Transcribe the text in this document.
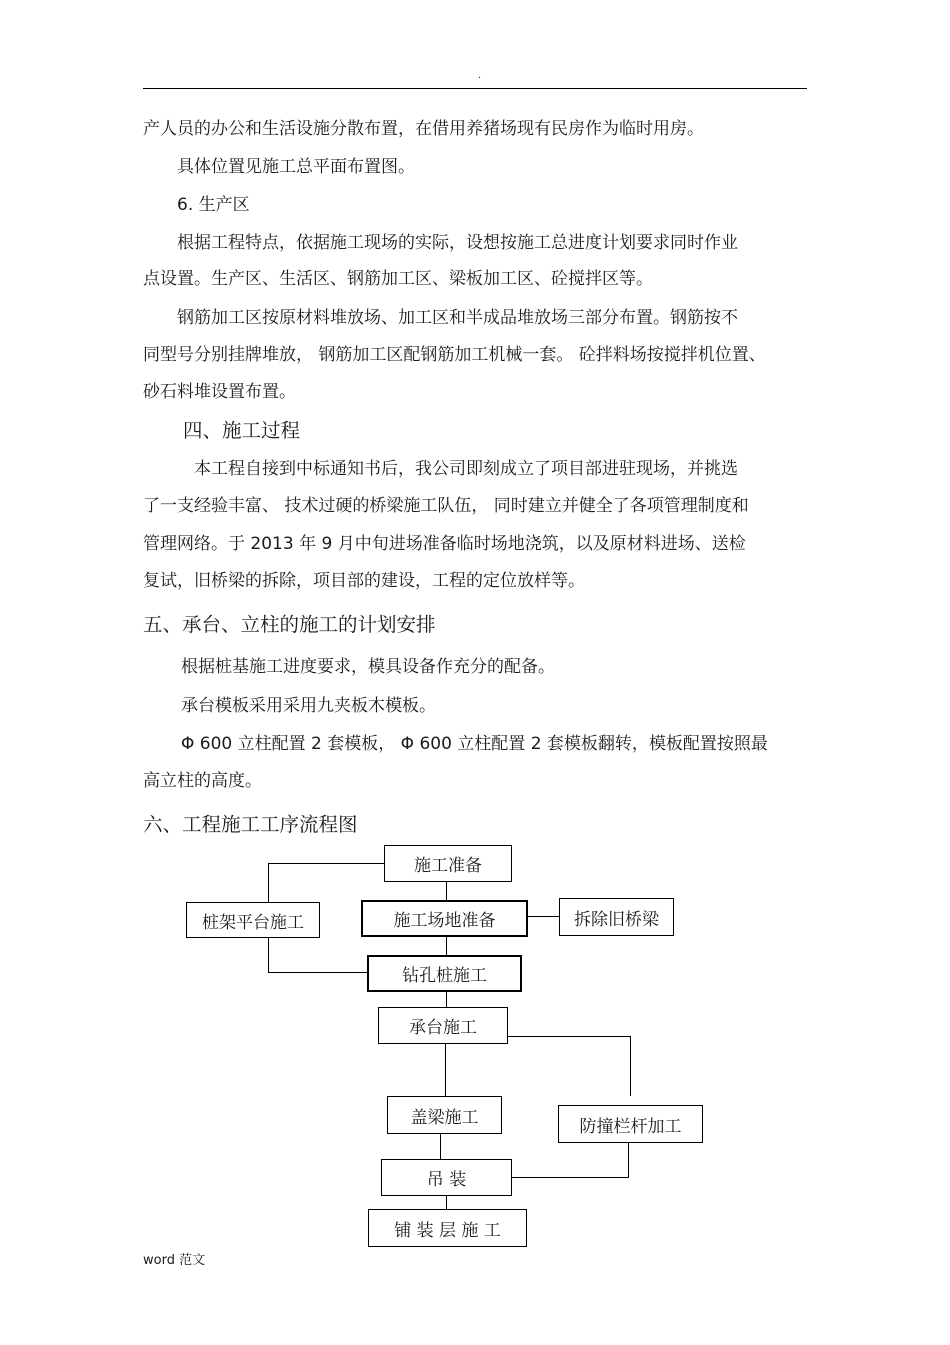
.
产人员的办公和生活设施分散布置，在借用养猪场现有民房作为临时用房。
具体位置见施工总平面布置图。
6. 生产区
根据工程特点，依据施工现场的实际，设想按施工总进度计划要求同时作业
点设置。生产区、生活区、钢筋加工区、梁板加工区、砼搅拌区等。
钢筋加工区按原材料堆放场、加工区和半成品堆放场三部分布置。钢筋按不
同型号分别挂牌堆放， 钢筋加工区配钢筋加工机械一套。 砼拌料场按搅拌机位置、
砂石料堆设置布置。
四、施工过程
本工程自接到中标通知书后，我公司即刻成立了项目部进驻现场，并挑选
了一支经验丰富、 技术过硬的桥梁施工队伍， 同时建立并健全了各项管理制度和
管理网络。于 2013 年 9 月中旬进场准备临时场地浇筑，以及原材料进场、送检
复试，旧桥梁的拆除，项目部的建设，工程的定位放样等。
五、承台、立柱的施工的计划安排
根据桩基施工进度要求，模具设备作充分的配备。
承台模板采用采用九夹板木模板。
Φ 600 立柱配置 2 套模板， Φ 600 立柱配置 2 套模板翻转，模板配置按照最
高立柱的高度。
六、工程施工工序流程图
施工准备
桩架平台施工	施工场地准备	拆除旧桥梁
钻孔桩施工
承台施工
盖梁施工	防撞栏杆加工
吊 装
铺 装 层 施 工
word 范文
